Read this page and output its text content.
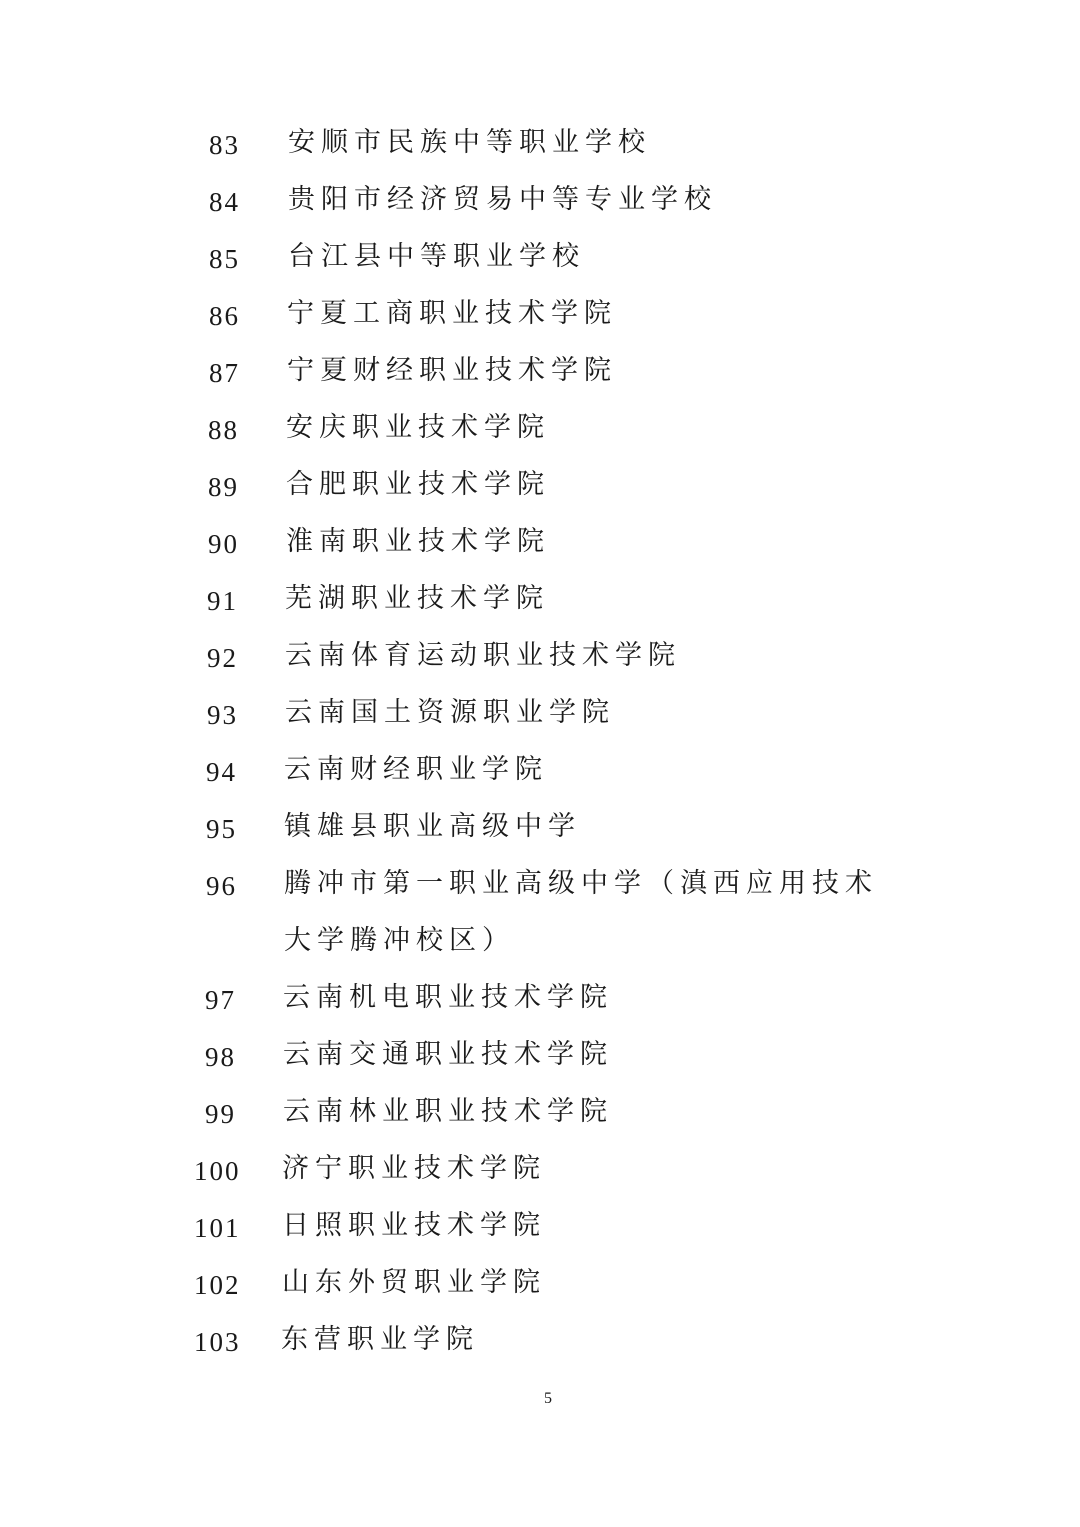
83 安顺市民族中等职业学校
84 贵阳市经济贸易中等专业学校
85 台江县中等职业学校
86 宁夏工商职业技术学院
87 宁夏财经职业技术学院
88 安庆职业技术学院
89 合肥职业技术学院
90 淮南职业技术学院
91 芜湖职业技术学院
92 云南体育运动职业技术学院
93 云南国土资源职业学院
94 云南财经职业学院
95 镇雄县职业高级中学
96 腾冲市第一职业高级中学（滇西应用技术大学腾冲校区）
97 云南机电职业技术学院
98 云南交通职业技术学院
99 云南林业职业技术学院
100 济宁职业技术学院
101 日照职业技术学院
102 山东外贸职业学院
103 东营职业学院
5
